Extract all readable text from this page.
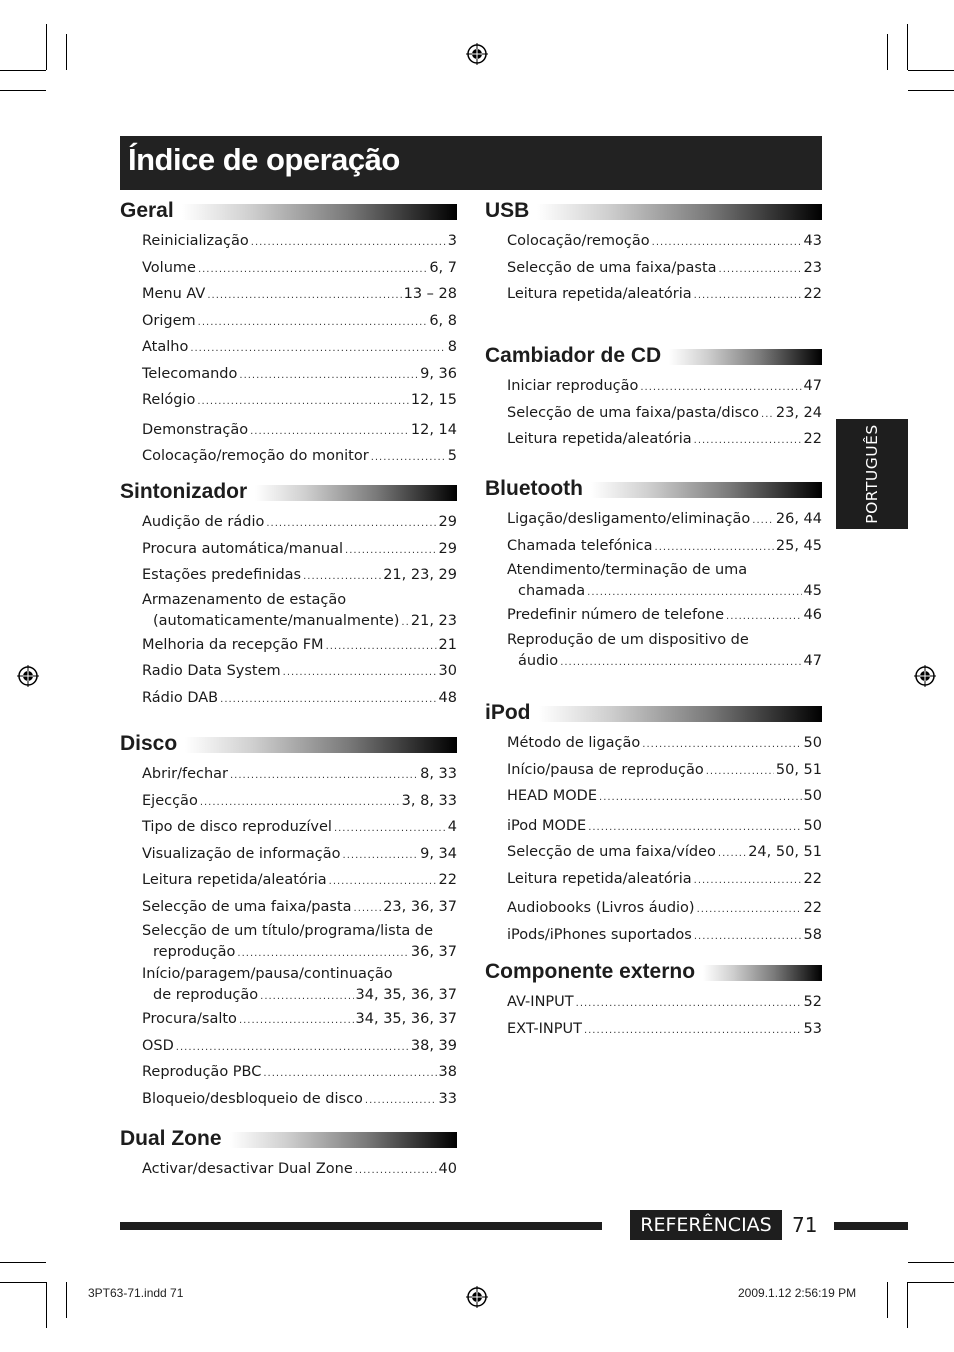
Índice de operação
PORTUGUÊS
Geral
Reinicialização .....	3
Volume .....	6, 7
Menu AV .....	13 – 28
Origem .....	6, 8
Atalho .....	8
Telecomando .....	9, 36
Relógio .....	12, 15
Demonstração .....	12, 14
Colocação/remoção do monitor .....	5
Sintonizador
Audição de rádio .....	29
Procura automática/manual .....	29
Estações predefinidas .....	21, 23, 29
Armazenamento de estação
(automaticamente/manualmente) ..... 21, 23
Melhoria da recepção FM .....	21
Radio Data System .....	30
Rádio DAB .....	48
Disco
Abrir/fechar .....	8, 33
Ejecção .....	3, 8, 33
Tipo de disco reproduzível .....	4
Visualização de informação .....	9, 34
Leitura repetida/aleatória .....	22
Selecção de uma faixa/pasta ..... 23, 36, 37
Selecção de um título/programa/lista de
reprodução .....	36, 37
Início/paragem/pausa/continuação
de reprodução .....	34, 35, 36, 37
Procura/salto .....	34, 35, 36, 37
OSD .....	38, 39
Reprodução PBC .....	38
Bloqueio/desbloqueio de disco .....	33
Dual Zone
Activar/desactivar Dual Zone .....	40
USB
Colocação/remoção .....	43
Selecção de uma faixa/pasta .....	23
Leitura repetida/aleatória .....	22
Cambiador de CD
Iniciar reprodução .....	47
Selecção de uma faixa/pasta/disco ..... 23, 24
Leitura repetida/aleatória .....	22
Bluetooth
Ligação/desligamento/eliminação ..... 26, 44
Chamada telefónica .....	25, 45
Atendimento/terminação de uma
chamada .....	45
Predefinir número de telefone .....	46
Reprodução de um dispositivo de
áudio .....	47
iPod
Método de ligação .....	50
Início/pausa de reprodução .....	50, 51
HEAD MODE .....	50
iPod MODE .....	50
Selecção de uma faixa/vídeo ..... 24, 50, 51
Leitura repetida/aleatória .....	22
Audiobooks (Livros áudio) .....	22
iPods/iPhones suportados .....	58
Componente externo
AV-INPUT .....	52
EXT-INPUT .....	53
REFERÊNCIAS	71
3PT63-71.indd 71	2009.1.12 2:56:19 PM
